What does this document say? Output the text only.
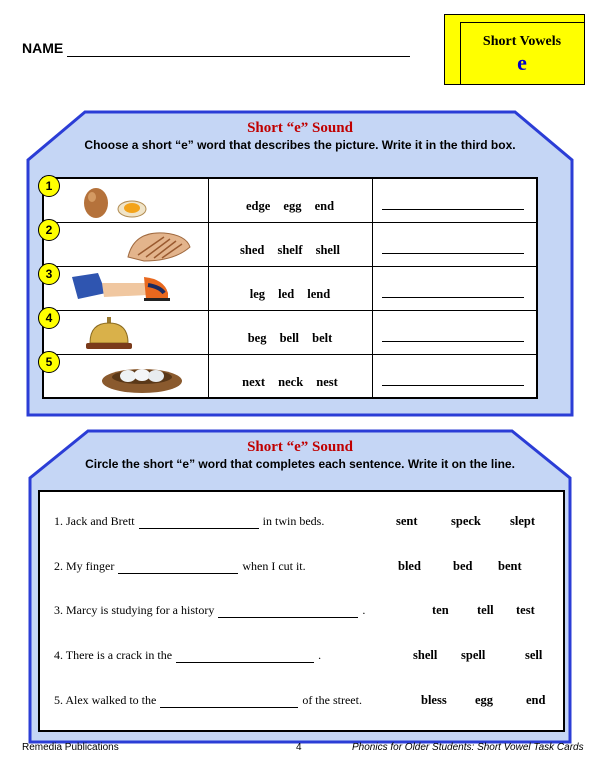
NAME	Short Vowels
e
Short “e” Sound
Choose a short “e” word that describes the picture. Write it in the third box.
1
edge egg end
2
shed shelf shell
3
leg led lend
4
beg bell belt
5
next neck nest
Short “e” Sound
Circle the short “e” word that completes each sentence. Write it on the line.
1. Jack and Brett	in twin beds.	sent	speck slept
2. My finger	when I cut it.	bled	bed bent
3. Marcy is studying for a history	.	ten tell test
4. There is a crack in the	.	shell spell	sell
5. Alex walked to the	of the street.	bless egg	end
Remedia Publications	4	Phonics for Older Students: Short Vowel Task Cards
